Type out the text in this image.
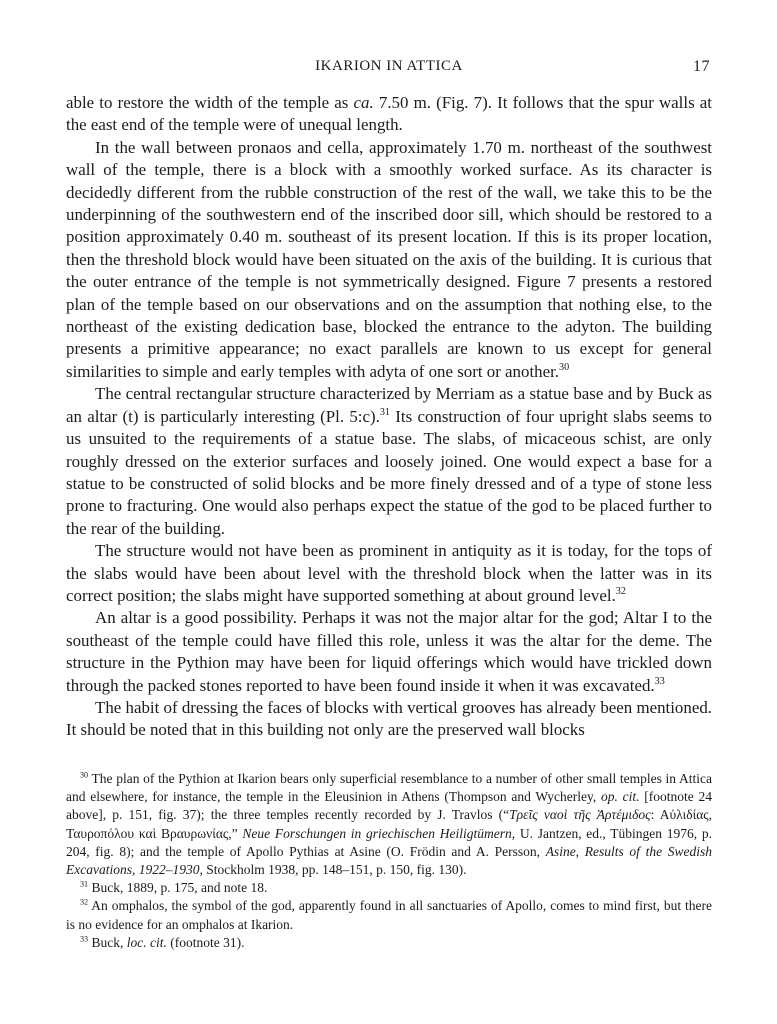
IKARION IN ATTICA	17

able to restore the width of the temple as ca. 7.50 m. (Fig. 7). It follows that the spur walls at the east end of the temple were of unequal length.

In the wall between pronaos and cella, approximately 1.70 m. northeast of the southwest wall of the temple, there is a block with a smoothly worked surface. As its character is decidedly different from the rubble construction of the rest of the wall, we take this to be the underpinning of the southwestern end of the inscribed door sill, which should be restored to a position approximately 0.40 m. southeast of its present location. If this is its proper location, then the threshold block would have been situated on the axis of the building. It is curious that the outer entrance of the temple is not symmetrically designed. Figure 7 presents a restored plan of the temple based on our observations and on the assumption that nothing else, to the northeast of the existing dedication base, blocked the entrance to the adyton. The building presents a primitive appearance; no exact parallels are known to us except for general similarities to simple and early temples with adyta of one sort or another.$^{30}$

The central rectangular structure characterized by Merriam as a statue base and by Buck as an altar (t) is particularly interesting (Pl. 5:c).$^{31}$ Its construction of four upright slabs seems to us unsuited to the requirements of a statue base. The slabs, of micaceous schist, are only roughly dressed on the exterior surfaces and loosely joined. One would expect a base for a statue to be constructed of solid blocks and be more finely dressed and of a type of stone less prone to fracturing. One would also perhaps expect the statue of the god to be placed further to the rear of the building.

The structure would not have been as prominent in antiquity as it is today, for the tops of the slabs would have been about level with the threshold block when the latter was in its correct position; the slabs might have supported something at about ground level.$^{32}$

An altar is a good possibility. Perhaps it was not the major altar for the god; Altar I to the southeast of the temple could have filled this role, unless it was the altar for the deme. The structure in the Pythion may have been for liquid offerings which would have trickled down through the packed stones reported to have been found inside it when it was excavated.$^{33}$

The habit of dressing the faces of blocks with vertical grooves has already been mentioned. It should be noted that in this building not only are the preserved wall blocks

$^{30}$ The plan of the Pythion at Ikarion bears only superficial resemblance to a number of other small temples in Attica and elsewhere, for instance, the temple in the Eleusinion in Athens (Thompson and Wycherley, op. cit. [footnote 24 above], p. 151, fig. 37); the three temples recently recorded by J. Travlos (“Τρεῖς ναοὶ τῆς Ἀρτέμιδος: Αὐλιδίας, Ταυροπόλου καὶ Βραυρωνίας,” Neue Forschungen in griechischen Heiligtümern, U. Jantzen, ed., Tübingen 1976, p. 204, fig. 8); and the temple of Apollo Pythias at Asine (O. Frödin and A. Persson, Asine, Results of the Swedish Excavations, 1922–1930, Stockholm 1938, pp. 148–151, p. 150, fig. 130).

$^{31}$ Buck, 1889, p. 175, and note 18.

$^{32}$ An omphalos, the symbol of the god, apparently found in all sanctuaries of Apollo, comes to mind first, but there is no evidence for an omphalos at Ikarion.

$^{33}$ Buck, loc. cit. (footnote 31).
